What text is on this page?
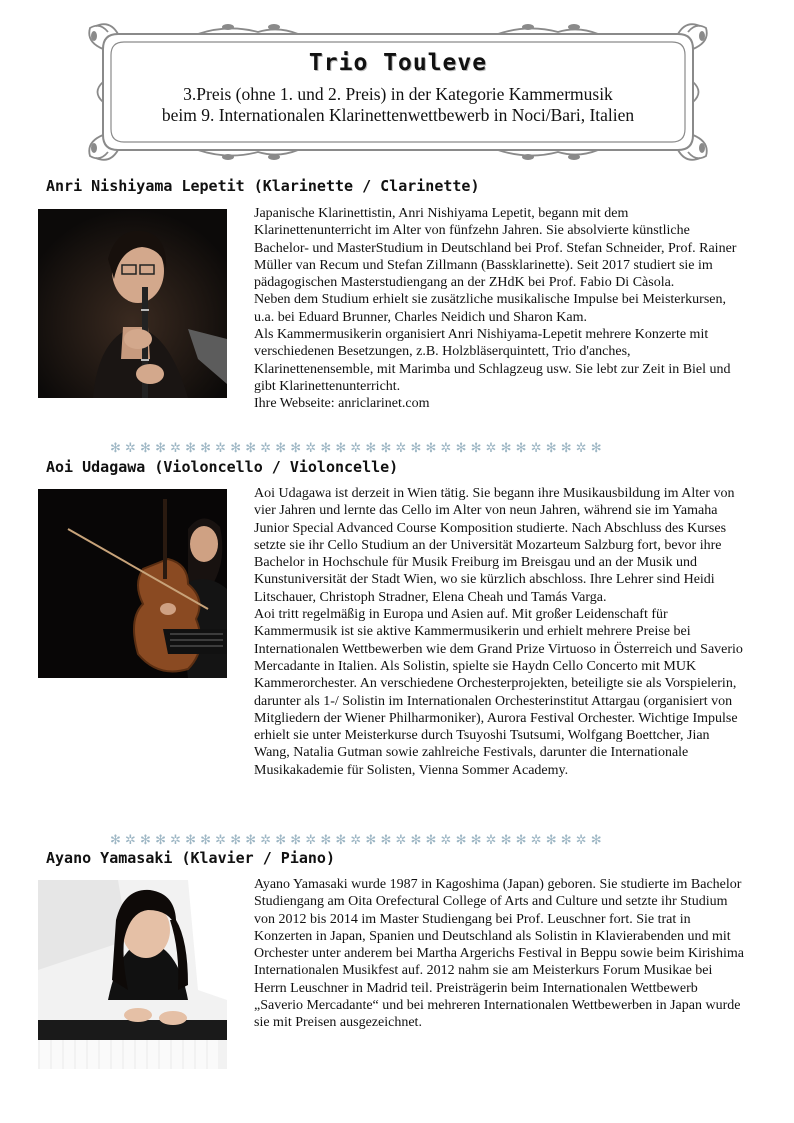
Trio Touleve
3.Preis (ohne 1. und 2. Preis) in der Kategorie Kammermusik
beim 9. Internationalen Klarinettenwettbewerb in Noci/Bari, Italien
Anri Nishiyama Lepetit (Klarinette / Clarinette)

Japanische Klarinettistin, Anri Nishiyama Lepetit, begann mit dem Klarinettenunterricht im Alter von fünfzehn Jahren. Sie absolvierte künstliche Bachelor- und MasterStudium in Deutschland bei Prof. Stefan Schneider, Prof. Rainer Müller van Recum und Stefan Zillmann (Bassklarinette). Seit 2017 studiert sie im pädagogischen Masterstudiengang an der ZHdK bei Prof. Fabio Di Càsola.

Neben dem Studium erhielt sie zusätzliche musikalische Impulse bei Meisterkursen, u.a. bei Eduard Brunner, Charles Neidich und Sharon Kam.

Als Kammermusikerin organisiert Anri Nishiyama-Lepetit mehrere Konzerte mit verschiedenen Besetzungen, z.B. Holzbläserquintett, Trio d'anches, Klarinettenensemble, mit Marimba und Schlagzeug usw. Sie lebt zur Zeit in Biel und gibt Klarinettenunterricht.

Ihre Webseite: anriclarinet.com

✻ ✲ ✻ ✻ ✲ ✻ ✻ ✲ ✻ ✻ ✲ ✻ ✻ ✲ ✻ ✻ ✲ ✻ ✻ ✲ ✻ ✻ ✲ ✻ ✻ ✲ ✻ ✻ ✲ ✻ ✻ ✲ ✻
Aoi Udagawa (Violoncello / Violoncelle)

Aoi Udagawa ist derzeit in Wien tätig. Sie begann ihre Musikausbildung im Alter von vier Jahren und lernte das Cello im Alter von neun Jahren, während sie im Yamaha Junior Special Advanced Course Komposition studierte. Nach Abschluss des Kurses setzte sie ihr Cello Studium an der Universität Mozarteum Salzburg fort, bevor ihre Bachelor in Hochschule für Musik Freiburg im Breisgau und an der Musik und Kunstuniversität der Stadt Wien, wo sie kürzlich abschloss. Ihre Lehrer sind Heidi Litschauer, Christoph Stradner, Elena Cheah und Tamás Varga.

Aoi tritt regelmäßig in Europa und Asien auf. Mit großer Leidenschaft für Kammermusik ist sie aktive Kammermusikerin und erhielt mehrere Preise bei Internationalen Wettbewerben wie dem Grand Prize Virtuoso in Österreich und Saverio Mercadante in Italien. Als Solistin, spielte sie Haydn Cello Concerto mit MUK Kammerorchester. An verschiedene Orchesterprojekten, beteiligte sie als Vorspielerin, darunter als 1-/ Solistin im Internationalen Orchesterinstitut Attargau (organisiert von Mitgliedern der Wiener Philharmoniker), Aurora Festival Orchester. Wichtige Impulse erhielt sie unter Meisterkurse durch Tsuyoshi Tsutsumi, Wolfgang Boettcher, Jian Wang, Natalia Gutman sowie zahlreiche Festivals, darunter die Internationale Musikakademie für Solisten, Vienna Sommer Academy.

✻ ✲ ✻ ✻ ✲ ✻ ✻ ✲ ✻ ✻ ✲ ✻ ✻ ✲ ✻ ✻ ✲ ✻ ✻ ✲ ✻ ✻ ✲ ✻ ✻ ✲ ✻ ✻ ✲ ✻ ✻ ✲ ✻
Ayano Yamasaki (Klavier / Piano)

Ayano Yamasaki wurde 1987 in Kagoshima (Japan) geboren. Sie studierte im Bachelor Studiengang am Oita Orefectural College of Arts and Culture und setzte ihr Studium von 2012 bis 2014 im Master Studiengang bei Prof. Leuschner fort. Sie trat in Konzerten in Japan, Spanien und Deutschland als Solistin in Klavierabenden und mit Orchester unter anderem bei Martha Argerichs Festival in Beppu sowie beim Kirishima Internationalen Musikfest auf. 2012 nahm sie am Meisterkurs Forum Musikae bei Herrn Leuschner in Madrid teil. Preisträgerin beim Internationalen Wettbewerb „Saverio Mercadante“ und bei mehreren Internationalen Wettbewerben in Japan wurde sie mit Preisen ausgezeichnet.
